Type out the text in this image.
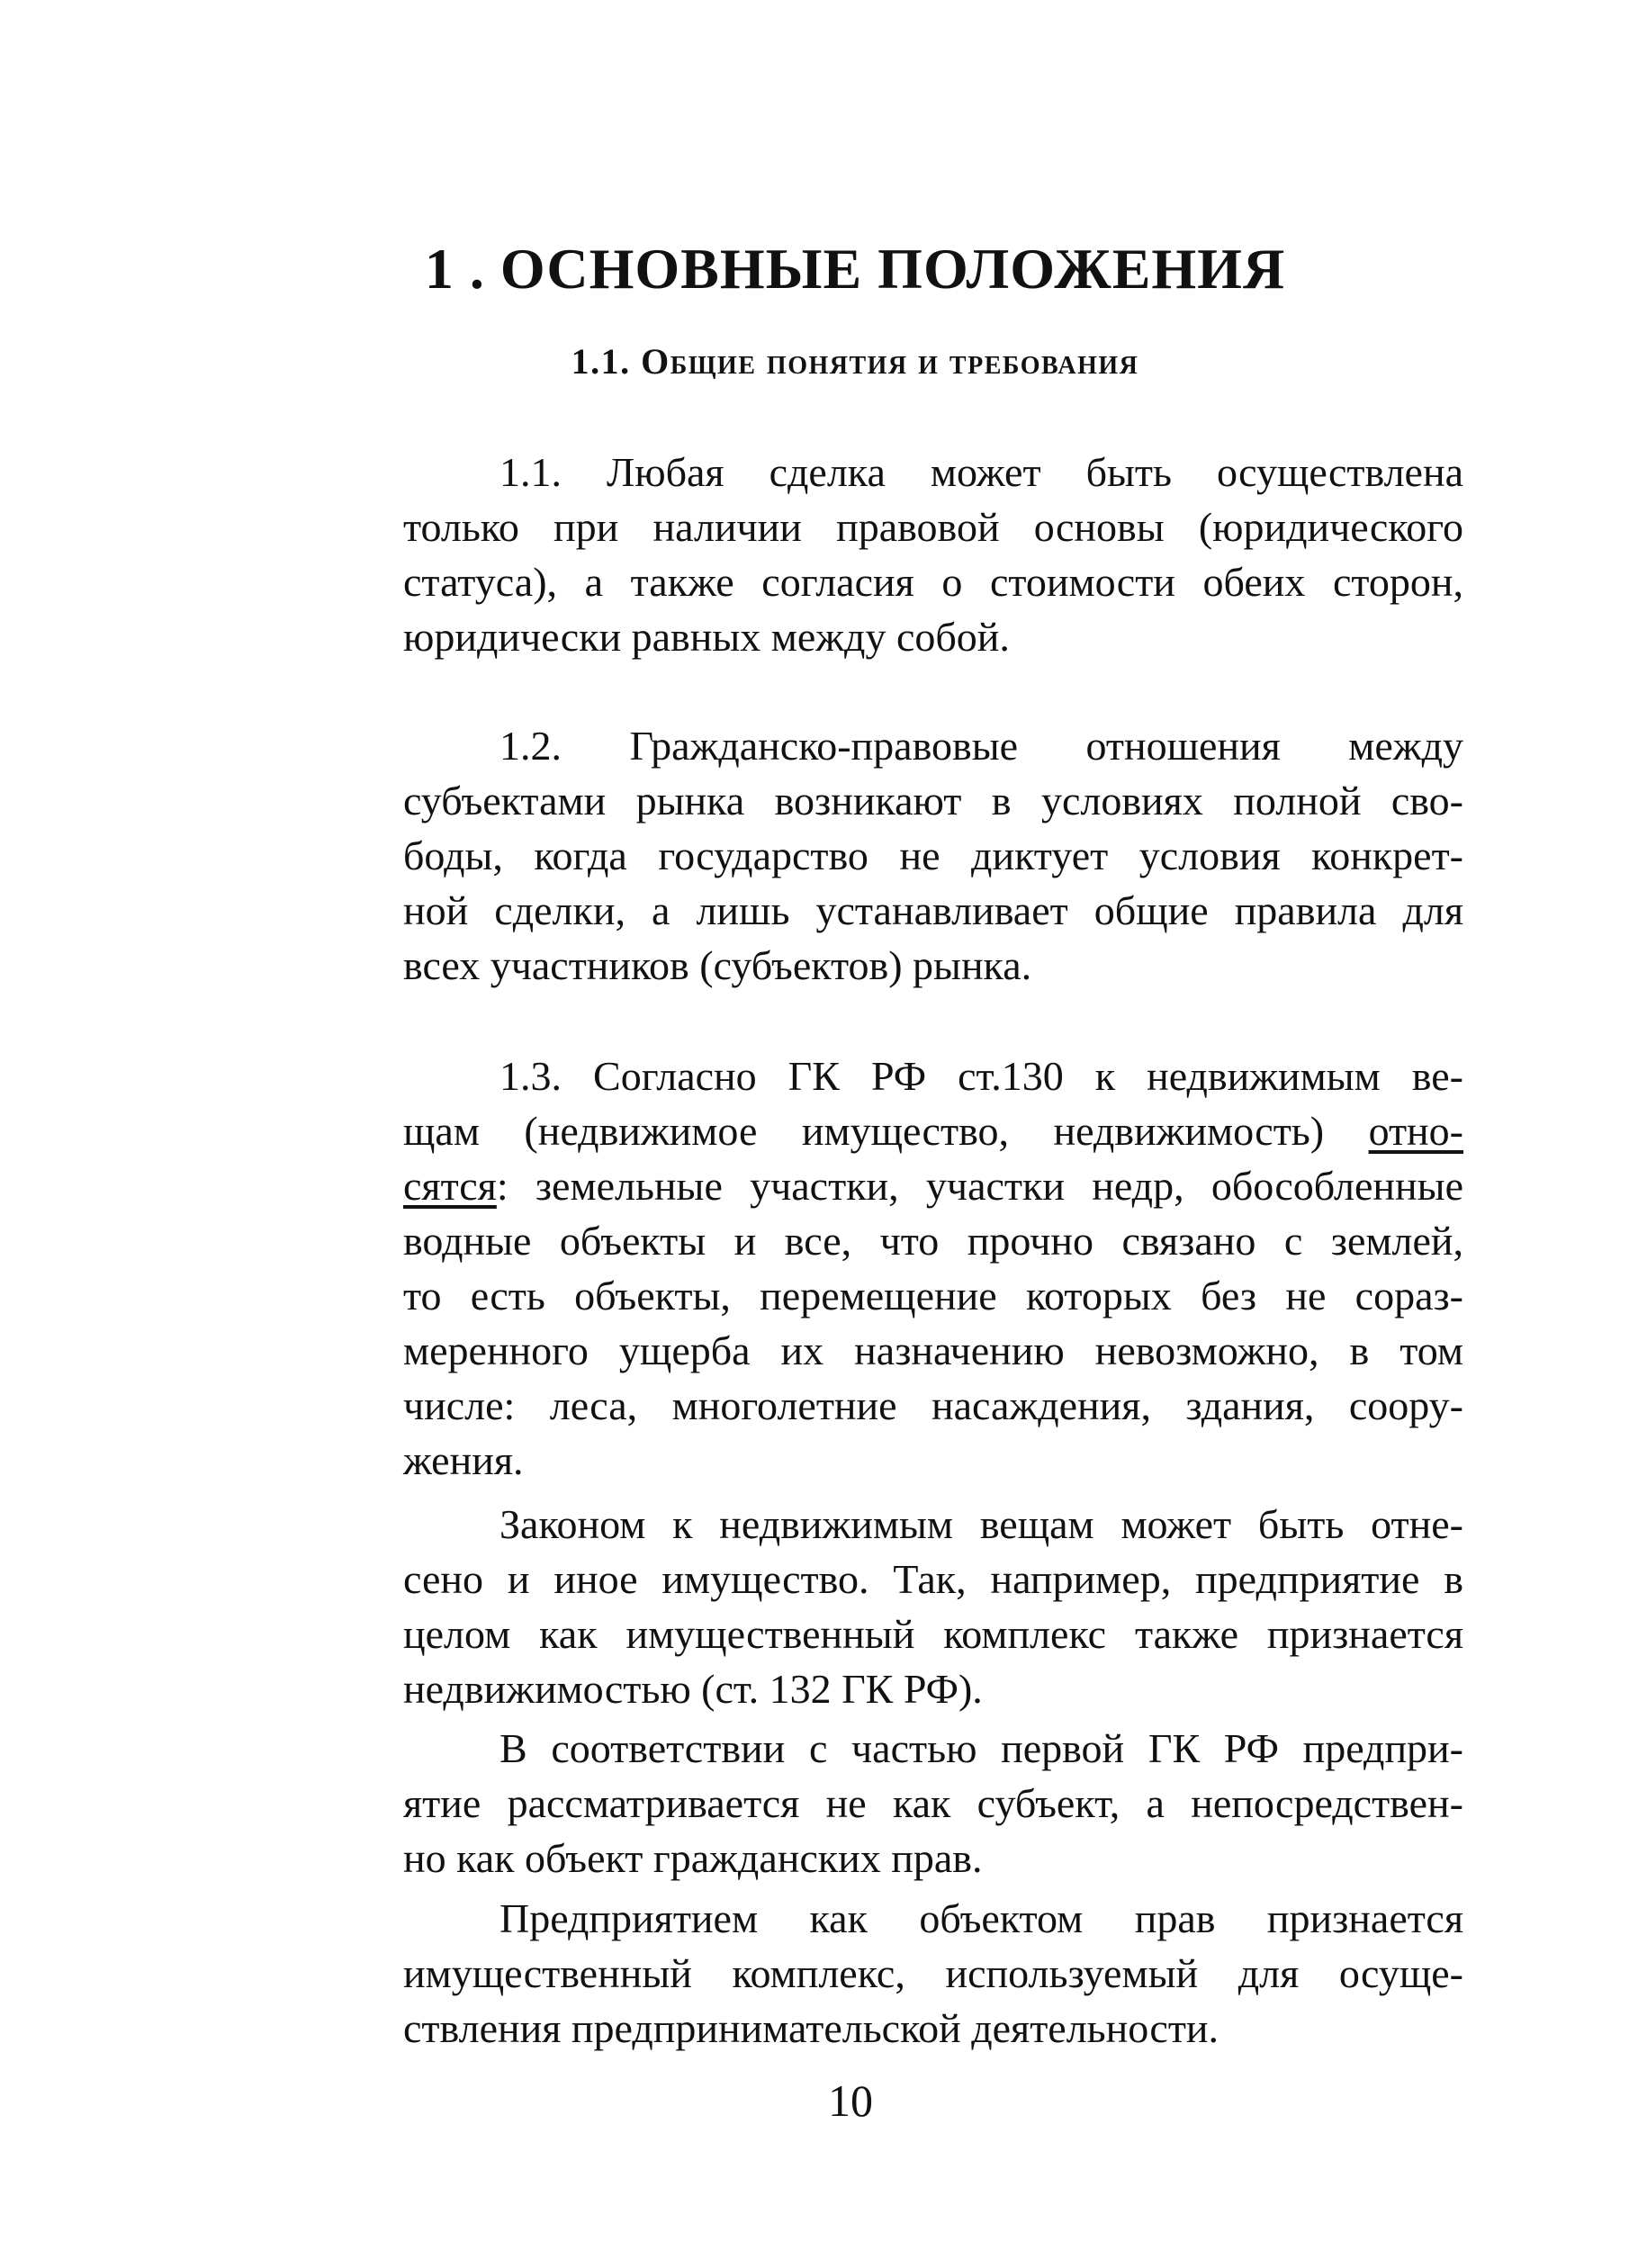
1 . ОСНОВНЫЕ ПОЛОЖЕНИЯ
1.1. Общие понятия и требования
1.1. Любая сделка может быть осуществлена
только при наличии правовой основы (юридического
статуса), а также согласия о стоимости обеих сторон,
юридически равных между собой.
1.2. Гражданско-правовые отношения между
субъектами рынка возникают в условиях полной сво-
боды, когда государство не диктует условия конкрет-
ной сделки, а лишь устанавливает общие правила для
всех участников (субъектов) рынка.
1.3. Согласно ГК РФ ст.130 к недвижимым ве-
щам (недвижимое имущество, недвижимость) отно-
сятся: земельные участки, участки недр, обособленные
водные объекты и все, что прочно связано с землей,
то есть объекты, перемещение которых без не сораз-
меренного ущерба их назначению невозможно, в том
числе: леса, многолетние насаждения, здания, соору-
жения.
Законом к недвижимым вещам может быть отне-
сено и иное имущество. Так, например, предприятие в
целом как имущественный комплекс также признается
недвижимостью (ст. 132 ГК РФ).
В соответствии с частью первой ГК РФ предпри-
ятие рассматривается не как субъект, а непосредствен-
но как объект гражданских прав.
Предприятием как объектом прав признается
имущественный комплекс, используемый для осуще-
ствления предпринимательской деятельности.
10
